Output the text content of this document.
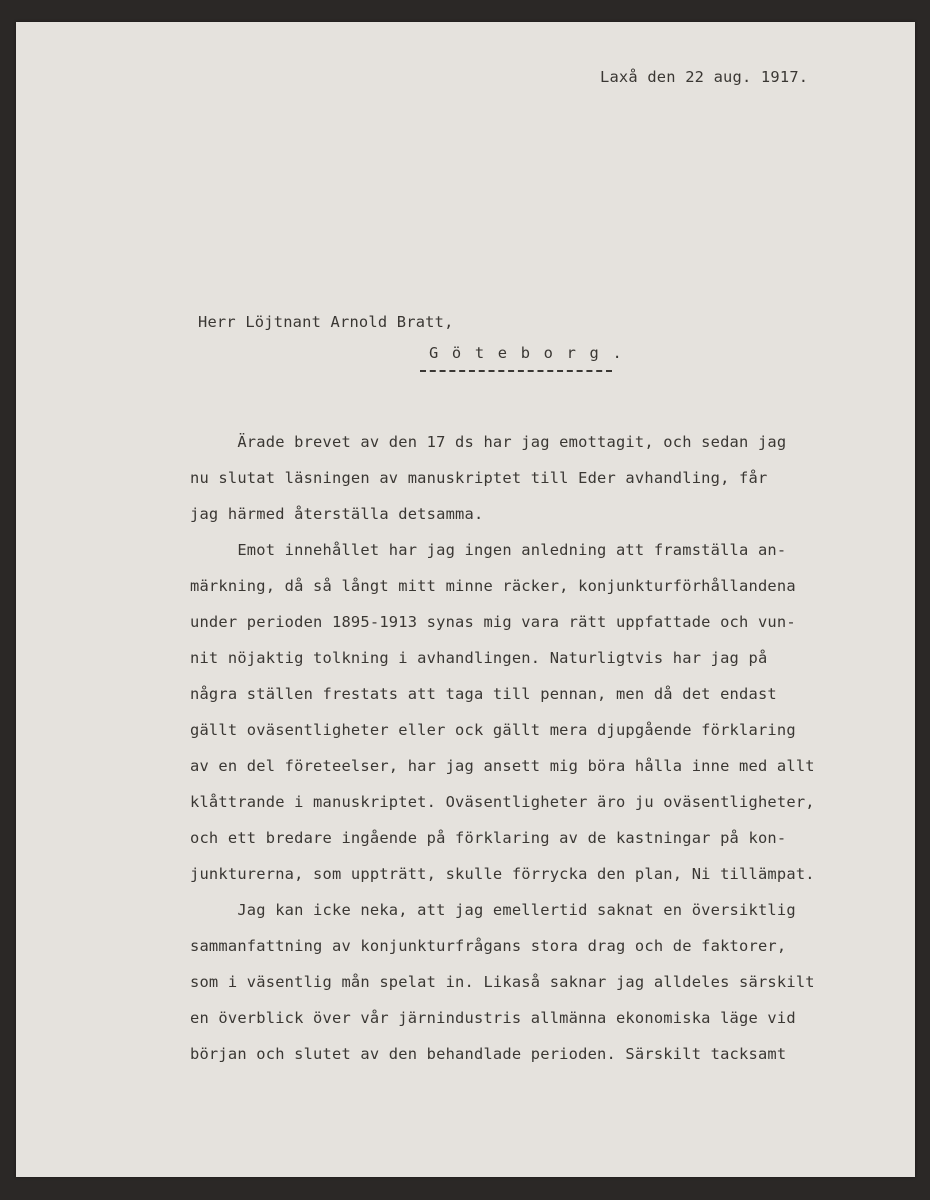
Laxå den 22 aug. 1917.
Herr Löjtnant Arnold Bratt,
G ö t e b o r g .
Ärade brevet av den 17 ds har jag emottagit, och sedan jag
nu slutat läsningen av manuskriptet till Eder avhandling, får
jag härmed återställa detsamma.
Emot innehållet har jag ingen anledning att framställa an-
märkning, då så långt mitt minne räcker, konjunkturförhållandena
under perioden 1895-1913 synas mig vara rätt uppfattade och vun-
nit nöjaktig tolkning i avhandlingen. Naturligtvis har jag på
några ställen frestats att taga till pennan, men då det endast
gällt oväsentligheter eller ock gällt mera djupgående förklaring
av en del företeelser, har jag ansett mig böra hålla inne med allt
klåttrande i manuskriptet. Oväsentligheter äro ju oväsentligheter,
och ett bredare ingående på förklaring av de kastningar på kon-
junkturerna, som uppträtt, skulle förrycka den plan, Ni tillämpat.
Jag kan icke neka, att jag emellertid saknat en översiktlig
sammanfattning av konjunkturfrågans stora drag och de faktorer,
som i väsentlig mån spelat in. Likaså saknar jag alldeles särskilt
en överblick över vår järnindustris allmänna ekonomiska läge vid
början och slutet av den behandlade perioden. Särskilt tacksamt
